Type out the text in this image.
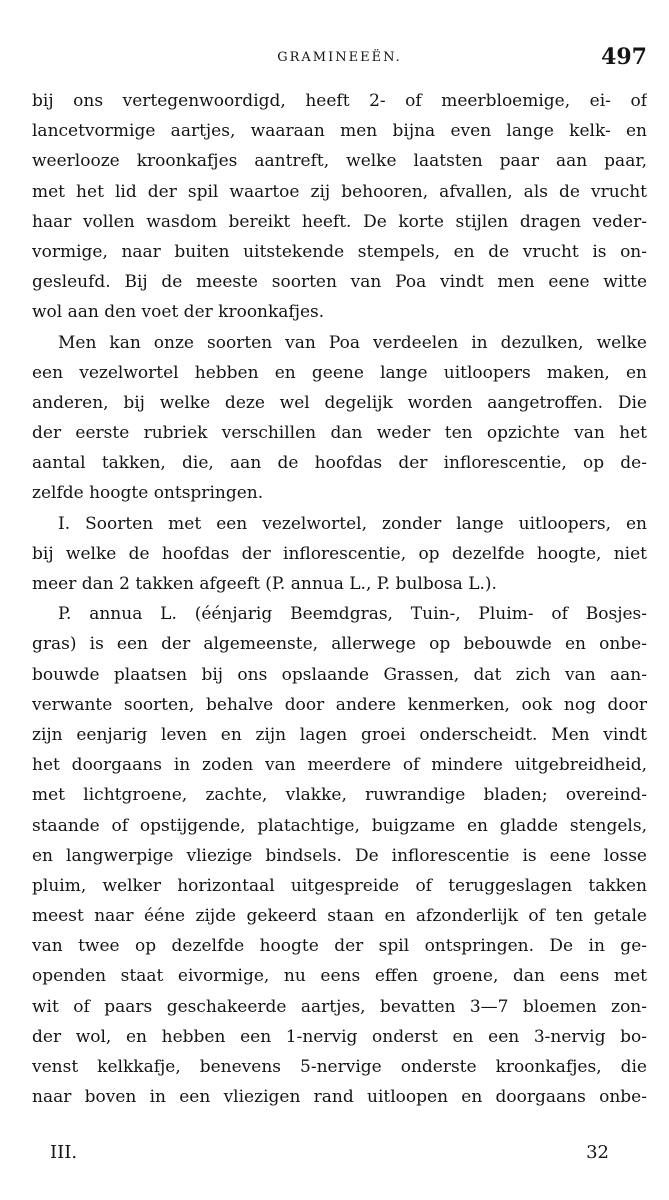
GRAMINEEËN.	497
bij ons vertegenwoordigd, heeft 2- of meerbloemige, ei- of
lancetvormige aartjes, waaraan men bijna even lange kelk- en
weerlooze kroonkafjes aantreft, welke laatsten paar aan paar,
met het lid der spil waartoe zij behooren, afvallen, als de vrucht
haar vollen wasdom bereikt heeft. De korte stijlen dragen veder-
vormige, naar buiten uitstekende stempels, en de vrucht is on-
gesleufd. Bij de meeste soorten van Poa vindt men eene witte
wol aan den voet der kroonkafjes.
Men kan onze soorten van Poa verdeelen in dezulken, welke
een vezelwortel hebben en geene lange uitloopers maken, en
anderen, bij welke deze wel degelijk worden aangetroffen. Die
der eerste rubriek verschillen dan weder ten opzichte van het
aantal takken, die, aan de hoofdas der inflorescentie, op de-
zelfde hoogte ontspringen.
I. Soorten met een vezelwortel, zonder lange uitloopers, en
bij welke de hoofdas der inflorescentie, op dezelfde hoogte, niet
meer dan 2 takken afgeeft (P. annua L., P. bulbosa L.).
P. annua L. (éénjarig Beemdgras, Tuin-, Pluim- of Bosjes-
gras) is een der algemeenste, allerwege op bebouwde en onbe-
bouwde plaatsen bij ons opslaande Grassen, dat zich van aan-
verwante soorten, behalve door andere kenmerken, ook nog door
zijn eenjarig leven en zijn lagen groei onderscheidt. Men vindt
het doorgaans in zoden van meerdere of mindere uitgebreidheid,
met lichtgroene, zachte, vlakke, ruwrandige bladen; overeind-
staande of opstijgende, platachtige, buigzame en gladde stengels,
en langwerpige vliezige bindsels. De inflorescentie is eene losse
pluim, welker horizontaal uitgespreide of teruggeslagen takken
meest naar ééne zijde gekeerd staan en afzonderlijk of ten getale
van twee op dezelfde hoogte der spil ontspringen. De in ge-
openden staat eivormige, nu eens effen groene, dan eens met
wit of paars geschakeerde aartjes, bevatten 3—7 bloemen zon-
der wol, en hebben een 1-nervig onderst en een 3-nervig bo-
venst kelkkafje, benevens 5-nervige onderste kroonkafjes, die
naar boven in een vliezigen rand uitloopen en doorgaans onbe-
III.	32
